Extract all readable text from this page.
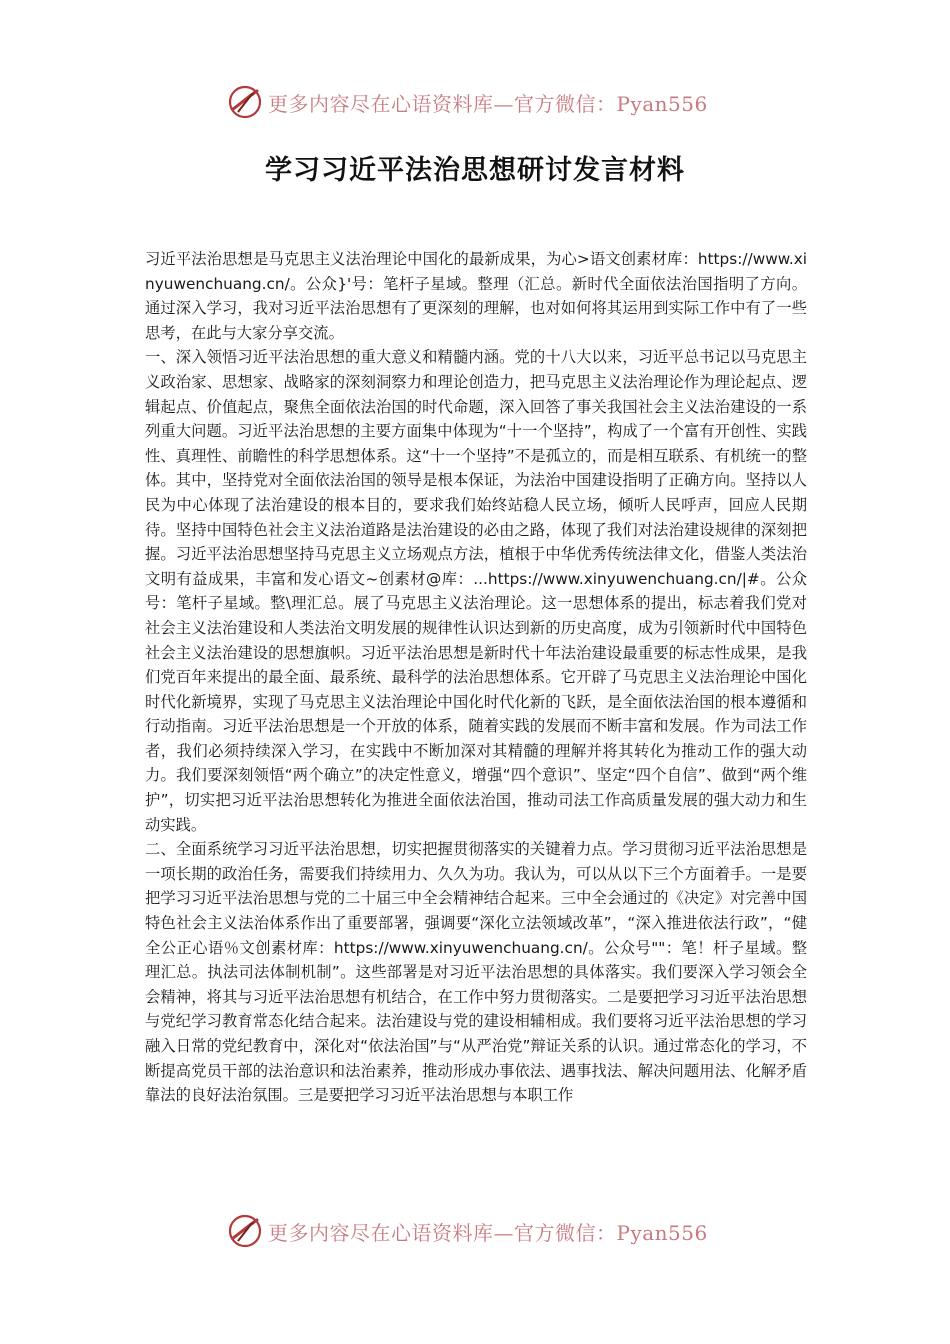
更多内容尽在心语资料库—官方微信：Pyan556
学习习近平法治思想研讨发言材料

习近平法治思想是马克思主义法治理论中国化的最新成果，为心>语文创素材库：https://www.xinyuwenchuang.cn/。公众}'号：笔杆子星域。整理（汇总。新时代全面依法治国指明了方向。通过深入学习，我对习近平法治思想有了更深刻的理解，也对如何将其运用到实际工作中有了一些思考，在此与大家分享交流。

一、深入领悟习近平法治思想的重大意义和精髓内涵。党的十八大以来，习近平总书记以马克思主义政治家、思想家、战略家的深刻洞察力和理论创造力，把马克思主义法治理论作为理论起点、逻辑起点、价值起点，聚焦全面依法治国的时代命题，深入回答了事关我国社会主义法治建设的一系列重大问题。习近平法治思想的主要方面集中体现为“十一个坚持”，构成了一个富有开创性、实践性、真理性、前瞻性的科学思想体系。这“十一个坚持”不是孤立的，而是相互联系、有机统一的整体。其中，坚持党对全面依法治国的领导是根本保证，为法治中国建设指明了正确方向。坚持以人民为中心体现了法治建设的根本目的，要求我们始终站稳人民立场，倾听人民呼声，回应人民期待。坚持中国特色社会主义法治道路是法治建设的必由之路，体现了我们对法治建设规律的深刻把握。习近平法治思想坚持马克思主义立场观点方法，植根于中华优秀传统法律文化，借鉴人类法治文明有益成果，丰富和发心语文~创素材@库：...https://www.xinyuwenchuang.cn/|#。公众号：笔杆子星域。整\理汇总。展了马克思主义法治理论。这一思想体系的提出，标志着我们党对社会主义法治建设和人类法治文明发展的规律性认识达到新的历史高度，成为引领新时代中国特色社会主义法治建设的思想旗帜。习近平法治思想是新时代十年法治建设最重要的标志性成果，是我们党百年来提出的最全面、最系统、最科学的法治思想体系。它开辟了马克思主义法治理论中国化时代化新境界，实现了马克思主义法治理论中国化时代化新的飞跃，是全面依法治国的根本遵循和行动指南。习近平法治思想是一个开放的体系，随着实践的发展而不断丰富和发展。作为司法工作者，我们必须持续深入学习，在实践中不断加深对其精髓的理解并将其转化为推动工作的强大动力。我们要深刻领悟“两个确立”的决定性意义，增强“四个意识”、坚定“四个自信”、做到“两个维护”，切实把习近平法治思想转化为推进全面依法治国，推动司法工作高质量发展的强大动力和生动实践。

二、全面系统学习习近平法治思想，切实把握贯彻落实的关键着力点。学习贯彻习近平法治思想是一项长期的政治任务，需要我们持续用力、久久为功。我认为，可以从以下三个方面着手。一是要把学习习近平法治思想与党的二十届三中全会精神结合起来。三中全会通过的《决定》对完善中国特色社会主义法治体系作出了重要部署，强调要“深化立法领域改革”，“深入推进依法行政”，“健全公正心语％文创素材库：https://www.xinyuwenchuang.cn/。公众号""：笔！杆子星域。整理汇总。执法司法体制机制”。这些部署是对习近平法治思想的具体落实。我们要深入学习领会全会精神，将其与习近平法治思想有机结合，在工作中努力贯彻落实。二是要把学习习近平法治思想与党纪学习教育常态化结合起来。法治建设与党的建设相辅相成。我们要将习近平法治思想的学习融入日常的党纪教育中，深化对“依法治国”与“从严治党”辩证关系的认识。通过常态化的学习，不断提高党员干部的法治意识和法治素养，推动形成办事依法、遇事找法、解决问题用法、化解矛盾靠法的良好法治氛围。三是要把学习习近平法治思想与本职工作

更多内容尽在心语资料库—官方微信：Pyan556
